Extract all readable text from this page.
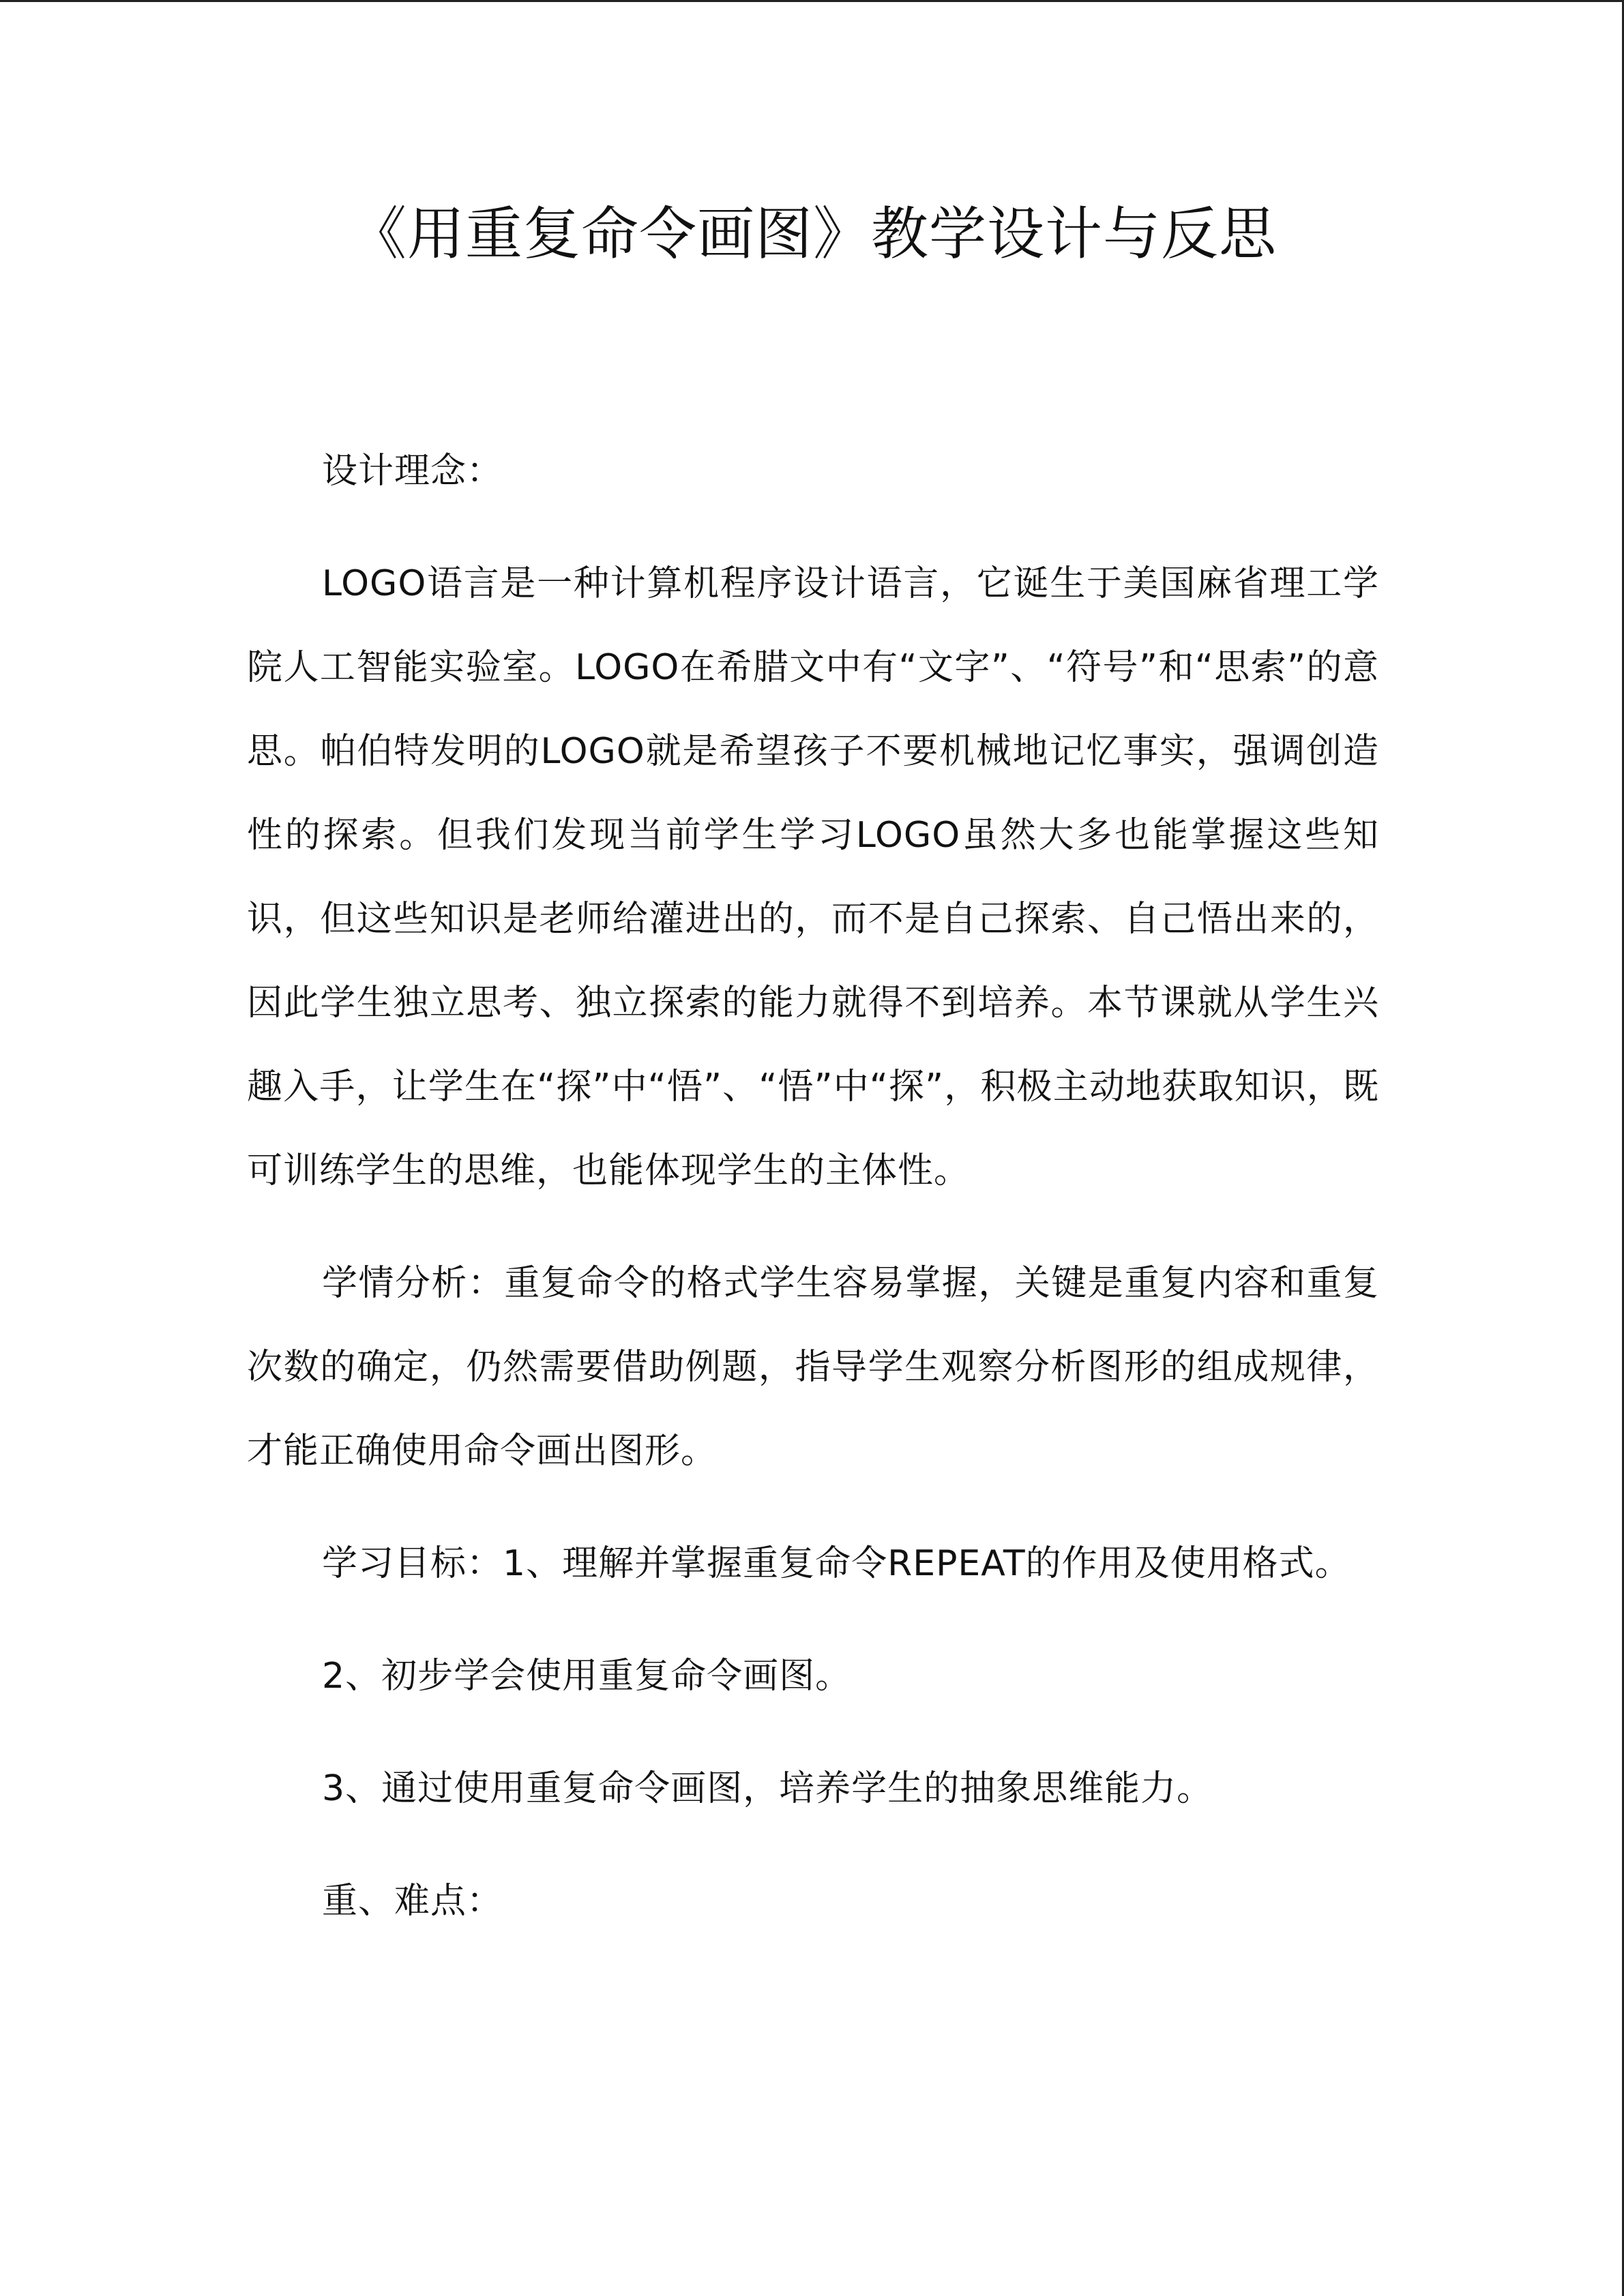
《用重复命令画图》教学设计与反思

设计理念：

LOGO语言是一种计算机程序设计语言，它诞生于美国麻省理工学院人工智能实验室。LOGO在希腊文中有“文字”、“符号”和“思索”的意思。帕伯特发明的LOGO就是希望孩子不要机械地记忆事实，强调创造性的探索。但我们发现当前学生学习LOGO虽然大多也能掌握这些知识，但这些知识是老师给灌进出的，而不是自己探索、自己悟出来的，因此学生独立思考、独立探索的能力就得不到培养。本节课就从学生兴趣入手，让学生在“探”中“悟”、“悟”中“探”，积极主动地获取知识，既可训练学生的思维，也能体现学生的主体性。

学情分析：重复命令的格式学生容易掌握，关键是重复内容和重复次数的确定，仍然需要借助例题，指导学生观察分析图形的组成规律，才能正确使用命令画出图形。

学习目标：1、理解并掌握重复命令REPEAT的作用及使用格式。

2、初步学会使用重复命令画图。

3、通过使用重复命令画图，培养学生的抽象思维能力。

重、难点：
